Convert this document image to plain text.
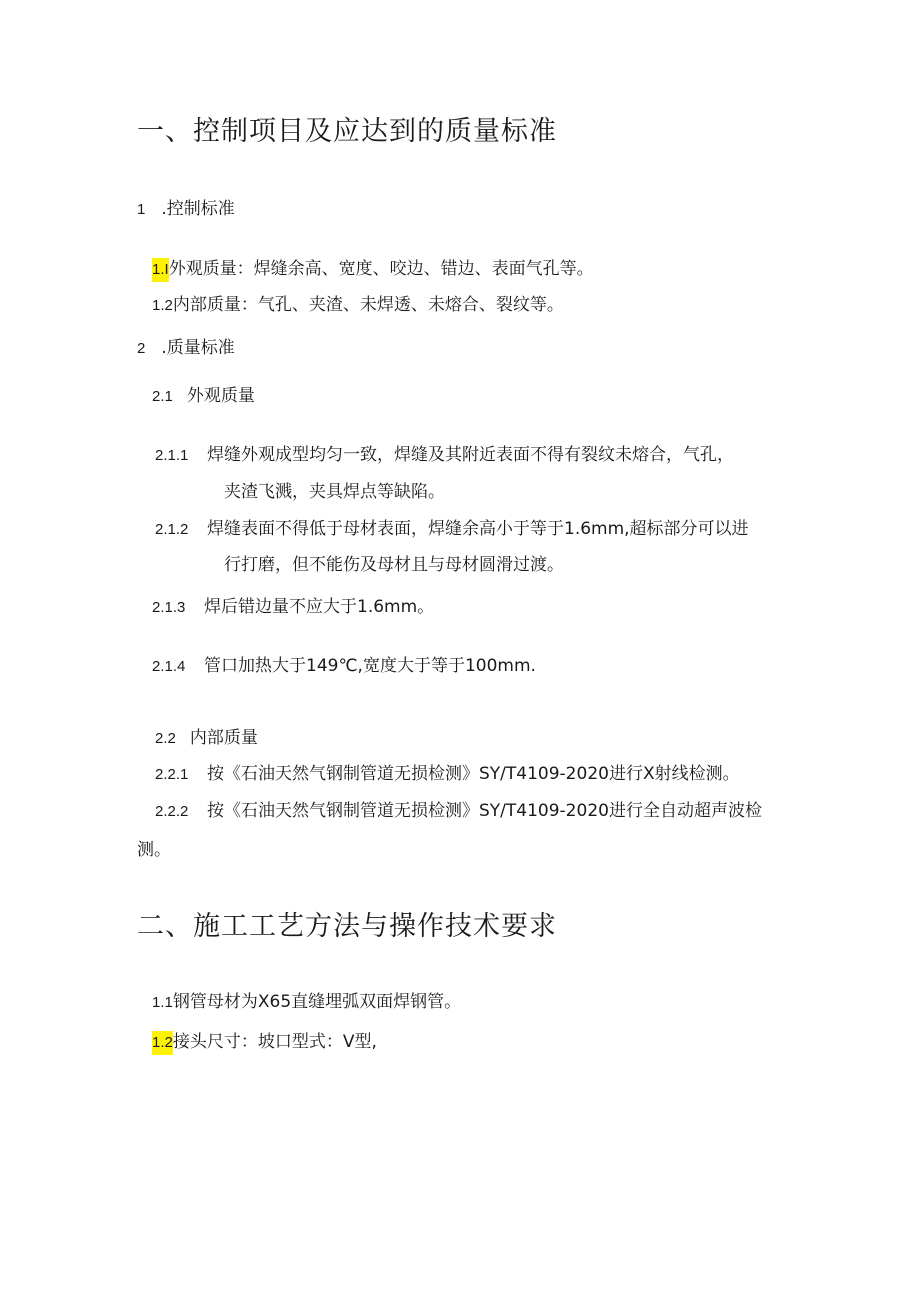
一、控制项目及应达到的质量标准
1 .控制标准
1.I外观质量：焊缝余高、宽度、咬边、错边、表面气孔等。
1.2内部质量：气孔、夹渣、未焊透、未熔合、裂纹等。
2 .质量标准
2.1 外观质量
2.1.1 焊缝外观成型均匀一致，焊缝及其附近表面不得有裂纹未熔合，气孔，
夹渣飞溅，夹具焊点等缺陷。
2.1.2 焊缝表面不得低于母材表面，焊缝余高小于等于1.6mm,超标部分可以进
行打磨，但不能伤及母材且与母材圆滑过渡。
2.1.3 焊后错边量不应大于1.6mm。
2.1.4 管口加热大于149℃,宽度大于等于100mm.
2.2 内部质量
2.2.1 按《石油天然气钢制管道无损检测》SY/T4109-2020进行X射线检测。
2.2.2 按《石油天然气钢制管道无损检测》SY/T4109-2020进行全自动超声波检
测。
二、施工工艺方法与操作技术要求
1.1钢管母材为X65直缝埋弧双面焊钢管。
1.2接头尺寸：坡口型式：V型,
